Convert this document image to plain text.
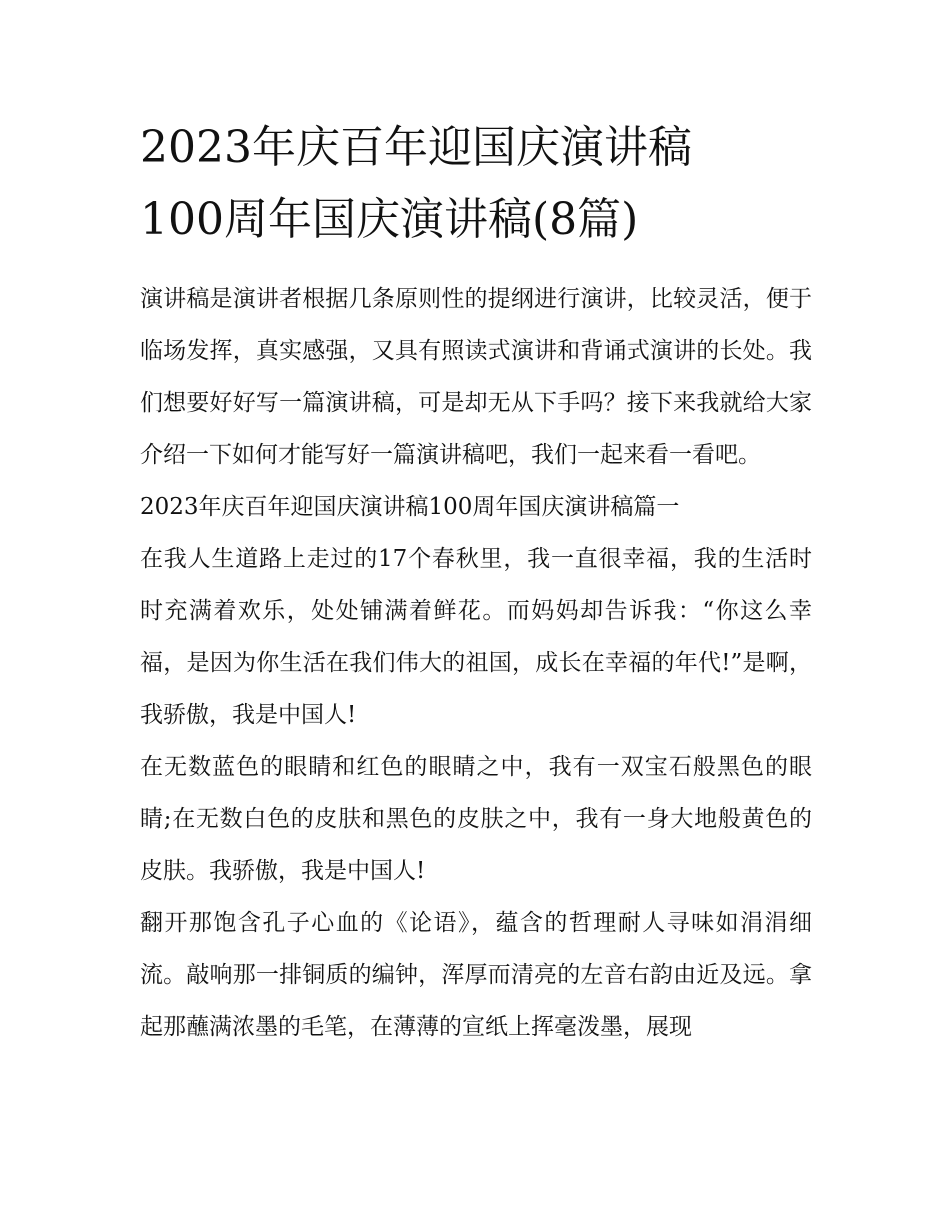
2023年庆百年迎国庆演讲稿
100周年国庆演讲稿(8篇)

演讲稿是演讲者根据几条原则性的提纲进行演讲，比较灵活，便于临场发挥，真实感强，又具有照读式演讲和背诵式演讲的长处。我们想要好好写一篇演讲稿，可是却无从下手吗？接下来我就给大家介绍一下如何才能写好一篇演讲稿吧，我们一起来看一看吧。

2023年庆百年迎国庆演讲稿100周年国庆演讲稿篇一

在我人生道路上走过的17个春秋里，我一直很幸福，我的生活时时充满着欢乐，处处铺满着鲜花。而妈妈却告诉我：“你这么幸福，是因为你生活在我们伟大的祖国，成长在幸福的年代!”是啊，我骄傲，我是中国人!

在无数蓝色的眼睛和红色的眼睛之中，我有一双宝石般黑色的眼睛;在无数白色的皮肤和黑色的皮肤之中，我有一身大地般黄色的皮肤。我骄傲，我是中国人!

翻开那饱含孔子心血的《论语》，蕴含的哲理耐人寻味如涓涓细流。敲响那一排铜质的编钟，浑厚而清亮的左音右韵由近及远。拿起那蘸满浓墨的毛笔，在薄薄的宣纸上挥毫泼墨，展现
